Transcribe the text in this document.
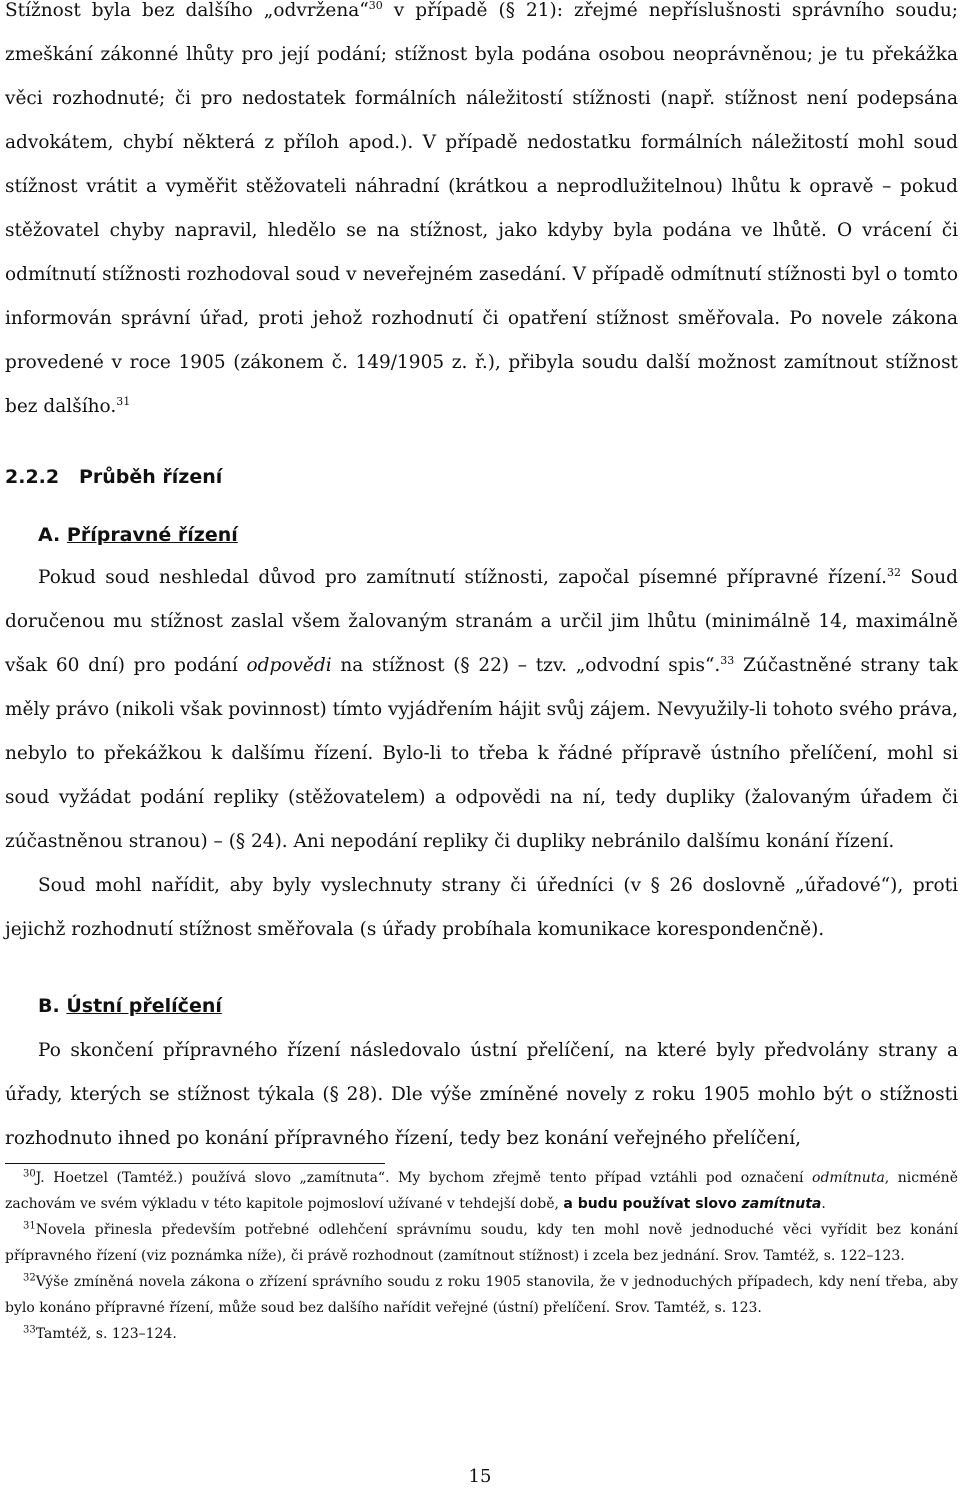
Stížnost byla bez dalšího „odvržena“$^{30}$ v případě (§ 21): zřejmé nepříslušnosti správního soudu; zmeškání zákonné lhůty pro její podání; stížnost byla podána osobou neoprávněnou; je tu překážka věci rozhodnuté; či pro nedostatek formálních náležitostí stížnosti (např. stížnost není podepsána advokátem, chybí některá z příloh apod.). V případě nedostatku formálních náležitostí mohl soud stížnost vrátit a vyměřit stěžovateli náhradní (krátkou a neprodlužitelnou) lhůtu k opravě – pokud stěžovatel chyby napravil, hledělo se na stížnost, jako kdyby byla podána ve lhůtě. O vrácení či odmítnutí stížnosti rozhodoval soud v neveřejném zasedání. V případě odmítnutí stížnosti byl o tomto informován správní úřad, proti jehož rozhodnutí či opatření stížnost směřovala. Po novele zákona provedené v roce 1905 (zákonem č. 149/1905 z. ř.), přibyla soudu další možnost zamítnout stížnost bez dalšího.$^{31}$

2.2.2 Průběh řízení
A. Přípravné řízení

Pokud soud neshledal důvod pro zamítnutí stížnosti, započal písemné přípravné řízení.$^{32}$ Soud doručenou mu stížnost zaslal všem žalovaným stranám a určil jim lhůtu (minimálně 14, maximálně však 60 dní) pro podání odpovědi na stížnost (§ 22) – tzv. „odvodní spis“.$^{33}$ Zúčastněné strany tak měly právo (nikoli však povinnost) tímto vyjádřením hájit svůj zájem. Nevyužily-li tohoto svého práva, nebylo to překážkou k dalšímu řízení. Bylo-li to třeba k řádné přípravě ústního přelíčení, mohl si soud vyžádat podání repliky (stěžovatelem) a odpovědi na ní, tedy dupliky (žalovaným úřadem či zúčastněnou stranou) – (§ 24). Ani nepodání repliky či dupliky nebránilo dalšímu konání řízení.

Soud mohl nařídit, aby byly vyslechnuty strany či úředníci (v § 26 doslovně „úřadové“), proti jejichž rozhodnutí stížnost směřovala (s úřady probíhala komunikace korespondenčně).

B. Ústní přelíčení

Po skončení přípravného řízení následovalo ústní přelíčení, na které byly předvolány strany a úřady, kterých se stížnost týkala (§ 28). Dle výše zmíněné novely z roku 1905 mohlo být o stížnosti rozhodnuto ihned po konání přípravného řízení, tedy bez konání veřejného přelíčení,

$^{30}$J. Hoetzel (Tamtéž.) používá slovo „zamítnuta“. My bychom zřejmě tento případ vztáhli pod označení odmítnuta, nicméně zachovám ve svém výkladu v této kapitole pojmosloví užívané v tehdejší době, a budu používat slovo zamítnuta.

$^{31}$Novela přinesla především potřebné odlehčení správnímu soudu, kdy ten mohl nově jednoduché věci vyřídit bez konání přípravného řízení (viz poznámka níže), či právě rozhodnout (zamítnout stížnost) i zcela bez jednání. Srov. Tamtéž, s. 122–123.

$^{32}$Výše zmíněná novela zákona o zřízení správního soudu z roku 1905 stanovila, že v jednoduchých případech, kdy není třeba, aby bylo konáno přípravné řízení, může soud bez dalšího nařídit veřejné (ústní) přelíčení. Srov. Tamtéž, s. 123.

$^{33}$Tamtéž, s. 123–124.

15
